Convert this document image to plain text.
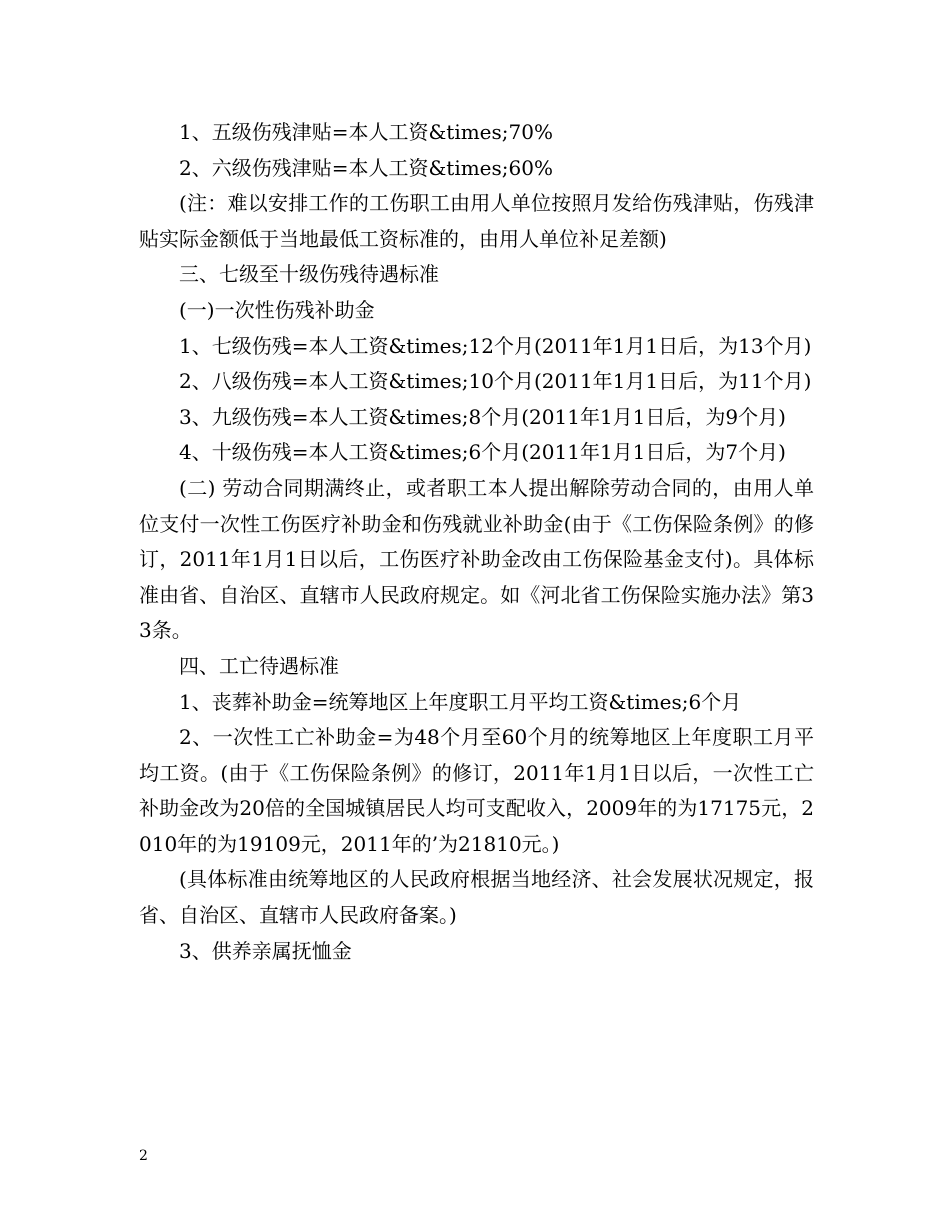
1、五级伤残津贴=本人工资&times;70%

2、六级伤残津贴=本人工资&times;60%

(注：难以安排工作的工伤职工由用人单位按照月发给伤残津贴，伤残津贴实际金额低于当地最低工资标准的，由用人单位补足差额)

三、七级至十级伤残待遇标准

(一)一次性伤残补助金

1、七级伤残=本人工资&times;12个月(2011年1月1日后，为13个月)

2、八级伤残=本人工资&times;10个月(2011年1月1日后，为11个月)

3、九级伤残=本人工资&times;8个月(2011年1月1日后，为9个月)

4、十级伤残=本人工资&times;6个月(2011年1月1日后，为7个月)

(二) 劳动合同期满终止，或者职工本人提出解除劳动合同的，由用人单位支付一次性工伤医疗补助金和伤残就业补助金(由于《工伤保险条例》的修订，2011年1月1日以后，工伤医疗补助金改由工伤保险基金支付)。具体标准由省、自治区、直辖市人民政府规定。如《河北省工伤保险实施办法》第33条。

四、工亡待遇标准

1、丧葬补助金=统筹地区上年度职工月平均工资&times;6个月

2、一次性工亡补助金=为48个月至60个月的统筹地区上年度职工月平均工资。(由于《工伤保险条例》的修订，2011年1月1日以后，一次性工亡补助金改为20倍的全国城镇居民人均可支配收入，2009年的为17175元，2010年的为19109元，2011年的’为21810元。)

(具体标准由统筹地区的人民政府根据当地经济、社会发展状况规定，报省、自治区、直辖市人民政府备案。)

3、供养亲属抚恤金

2
